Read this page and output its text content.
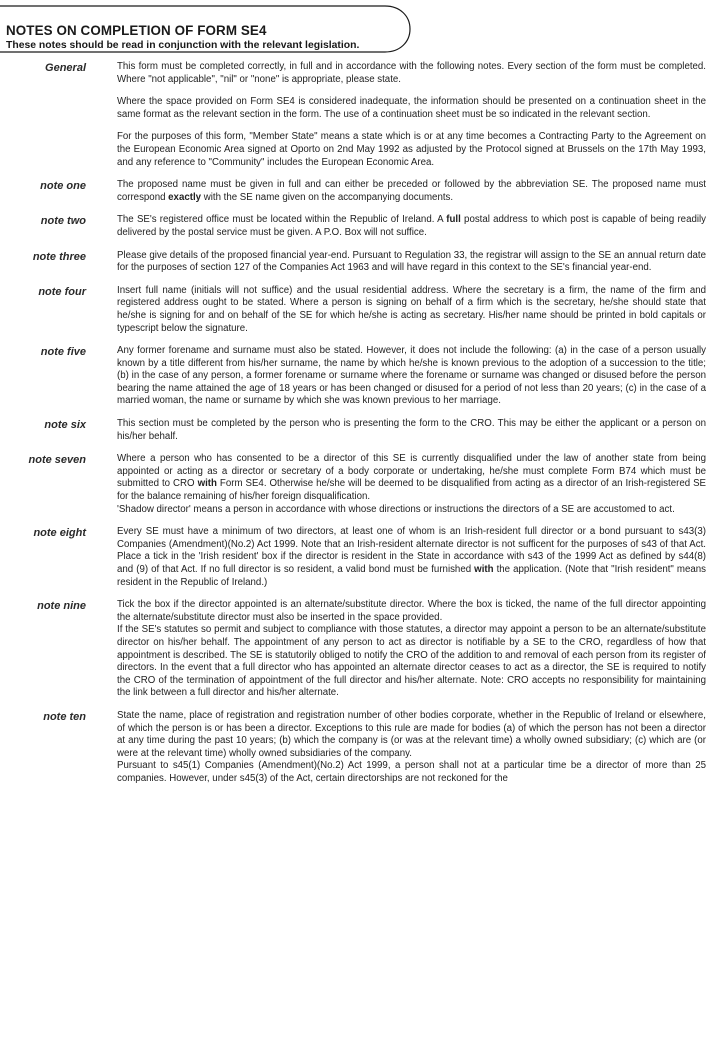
NOTES ON COMPLETION OF FORM SE4
These notes should be read in conjunction with the relevant legislation.
General	This form must be completed correctly, in full and in accordance with the following notes. Every section of the form must be completed. Where "not applicable", "nil" or "none" is appropriate, please state.

Where the space provided on Form SE4 is considered inadequate, the information should be presented on a continuation sheet in the same format as the relevant section in the form. The use of a continuation sheet must be so indicated in the relevant section.

For the purposes of this form, "Member State" means a state which is or at any time becomes a Contracting Party to the Agreement on the European Economic Area signed at Oporto on 2nd May 1992 as adjusted by the Protocol signed at Brussels on the 17th May 1993, and any reference to "Community" includes the European Economic Area.

note one	The proposed name must be given in full and can either be preceded or followed by the abbreviation SE. The proposed name must correspond exactly with the SE name given on the accompanying documents.

note two	The SE's registered office must be located within the Republic of Ireland. A full postal address to which post is capable of being readily delivered by the postal service must be given. A P.O. Box will not suffice.

note three	Please give details of the proposed financial year-end. Pursuant to Regulation 33, the registrar will assign to the SE an annual return date for the purposes of section 127 of the Companies Act 1963 and will have regard in this context to the SE's financial year-end.

note four	Insert full name (initials will not suffice) and the usual residential address. Where the secretary is a firm, the name of the firm and registered address ought to be stated. Where a person is signing on behalf of a firm which is the secretary, he/she should state that he/she is signing for and on behalf of the SE for which he/she is acting as secretary. His/her name should be printed in bold capitals or typescript below the signature.

note five	Any former forename and surname must also be stated. However, it does not include the following: (a) in the case of a person usually known by a title different from his/her surname, the name by which he/she is known previous to the adoption of a succession to the title; (b) in the case of any person, a former forename or surname where the forename or surname was changed or disused before the person bearing the name attained the age of 18 years or has been changed or disused for a period of not less than 20 years; (c) in the case of a married woman, the name or surname by which she was known previous to her marriage.

note six	This section must be completed by the person who is presenting the form to the CRO. This may be either the applicant or a person on his/her behalf.

note seven	Where a person who has consented to be a director of this SE is currently disqualified under the law of another state from being appointed or acting as a director or secretary of a body corporate or undertaking, he/she must complete Form B74 which must be submitted to CRO with Form SE4. Otherwise he/she will be deemed to be disqualified from acting as a director of an Irish-registered SE for the balance remaining of his/her foreign disqualification.

'Shadow director' means a person in accordance with whose directions or instructions the directors of a SE are accustomed to act.

note eight	Every SE must have a minimum of two directors, at least one of whom is an Irish-resident full director or a bond pursuant to s43(3) Companies (Amendment)(No.2) Act 1999. Note that an Irish-resident alternate director is not sufficent for the purposes of s43 of that Act. Place a tick in the 'Irish resident' box if the director is resident in the State in accordance with s43 of the 1999 Act as defined by s44(8) and (9) of that Act. If no full director is so resident, a valid bond must be furnished with the application. (Note that "Irish resident" means resident in the Republic of Ireland.)

note nine	Tick the box if the director appointed is an alternate/substitute director. Where the box is ticked, the name of the full director appointing the alternate/substitute director must also be inserted in the space provided.

If the SE's statutes so permit and subject to compliance with those statutes, a director may appoint a person to be an alternate/substitute director on his/her behalf. The appointment of any person to act as director is notifiable by a SE to the CRO, regardless of how that appointment is described. The SE is statutorily obliged to notify the CRO of the addition to and removal of each person from its register of directors. In the event that a full director who has appointed an alternate director ceases to act as a director, the SE is required to notify the CRO of the termination of appointment of the full director and his/her alternate. Note: CRO accepts no responsibility for maintaining the link between a full director and his/her alternate.

note ten	State the name, place of registration and registration number of other bodies corporate, whether in the Republic of Ireland or elsewhere, of which the person is or has been a director. Exceptions to this rule are made for bodies (a) of which the person has not been a director at any time during the past 10 years; (b) which the company is (or was at the relevant time) a wholly owned subsidiary; (c) which are (or were at the relevant time) wholly owned subsidiaries of the company.

Pursuant to s45(1) Companies (Amendment)(No.2) Act 1999, a person shall not at a particular time be a director of more than 25 companies. However, under s45(3) of the Act, certain directorships are not reckoned for the
